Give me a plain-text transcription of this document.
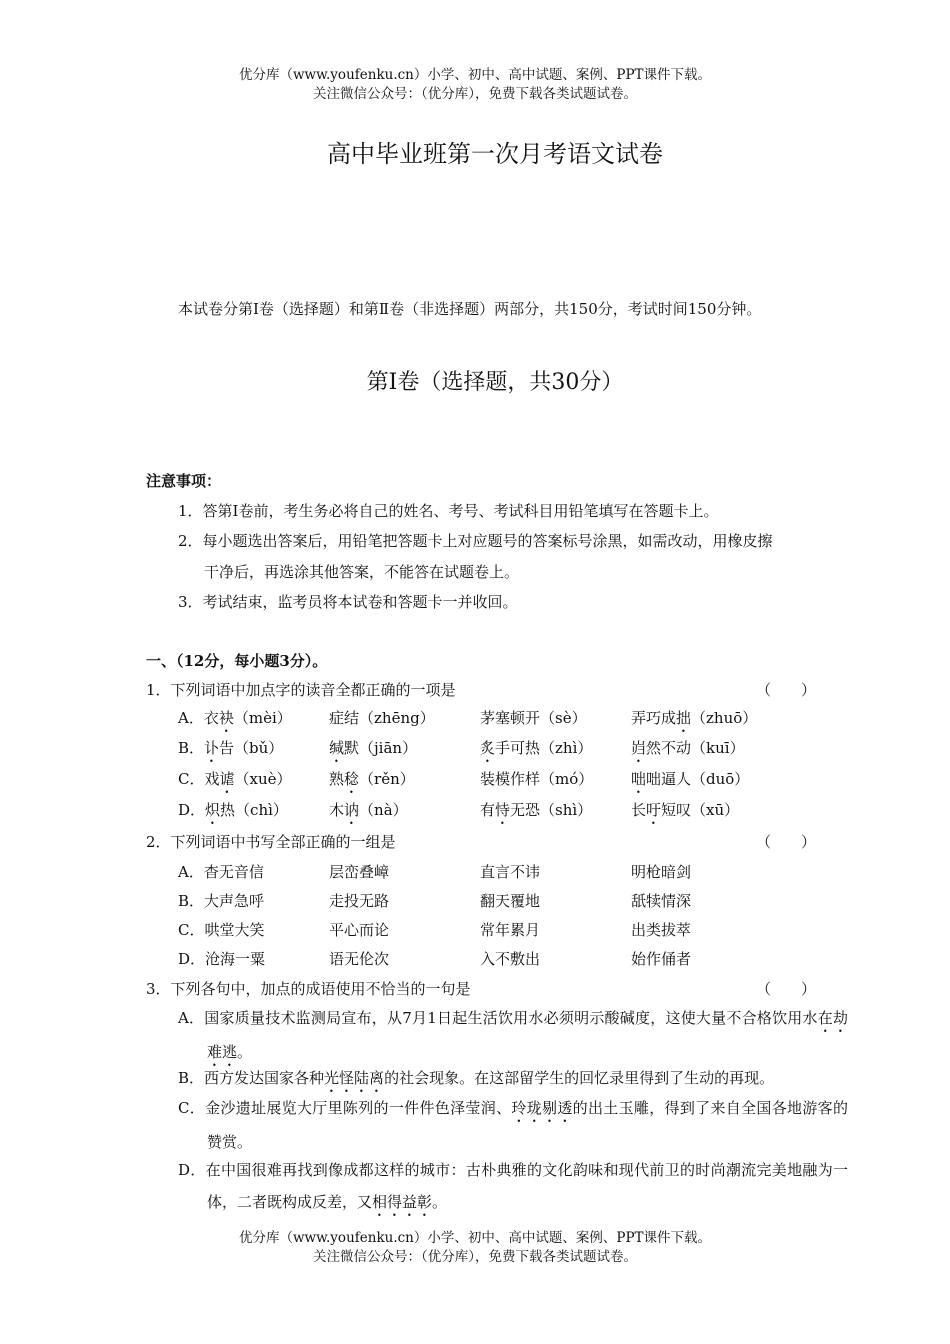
优分库（www.youfenku.cn）小学、初中、高中试题、案例、PPT课件下载。
关注微信公众号：（优分库），免费下载各类试题试卷。
高中毕业班第一次月考语文试卷
本试卷分第Ⅰ卷（选择题）和第Ⅱ卷（非选择题）两部分，共150分，考试时间150分钟。
第Ⅰ卷（选择题，共30分）
注意事项：
1．答第Ⅰ卷前，考生务必将自己的姓名、考号、考试科目用铅笔填写在答题卡上。
2．每小题选出答案后，用铅笔把答题卡上对应题号的答案标号涂黑，如需改动，用橡皮擦
干净后，再选涂其他答案，不能答在试题卷上。
3．考试结束，监考员将本试卷和答题卡一并收回。
一、（12分，每小题3分）。
1．下列词语中加点字的读音全都正确的一项是	（　　）
A．衣袂（mèi） 症结（zhēng）	茅塞顿开（sè）	弄巧成拙（zhuō）
B．讣告（bǔ）	缄默（jiān）	炙手可热（zhì）	岿然不动（kuī）
C．戏谑（xuè） 熟稔（rěn）	装模作样（mó）	咄咄逼人（duō）
D．炽热（chì）	木讷（nà）	有恃无恐（shì）	长吁短叹（xū）
2．下列词语中书写全部正确的一组是	（　　）
A．杳无音信	层峦叠嶂	直言不讳	明枪暗剑
B．大声急呼	走投无路	翻天覆地	舐犊情深
C．哄堂大笑	平心而论	常年累月	出类拔萃
D．沧海一粟	语无伦次	入不敷出	始作俑者
3．下列各句中，加点的成语使用不恰当的一句是	（　　）
A．国家质量技术监测局宣布，从7月1日起生活饮用水必须明示酸碱度，这使大量不合格饮用水在劫难逃。
B．西方发达国家各种光怪陆离的社会现象。在这部留学生的回忆录里得到了生动的再现。
C．金沙遗址展览大厅里陈列的一件件色泽莹润、玲珑剔透的出土玉雕，得到了来自全国各地游客的赞赏。
D．在中国很难再找到像成都这样的城市：古朴典雅的文化韵味和现代前卫的时尚潮流完美地融为一体，二者既构成反差，又相得益彰。
优分库（www.youfenku.cn）小学、初中、高中试题、案例、PPT课件下载。
关注微信公众号：（优分库），免费下载各类试题试卷。
